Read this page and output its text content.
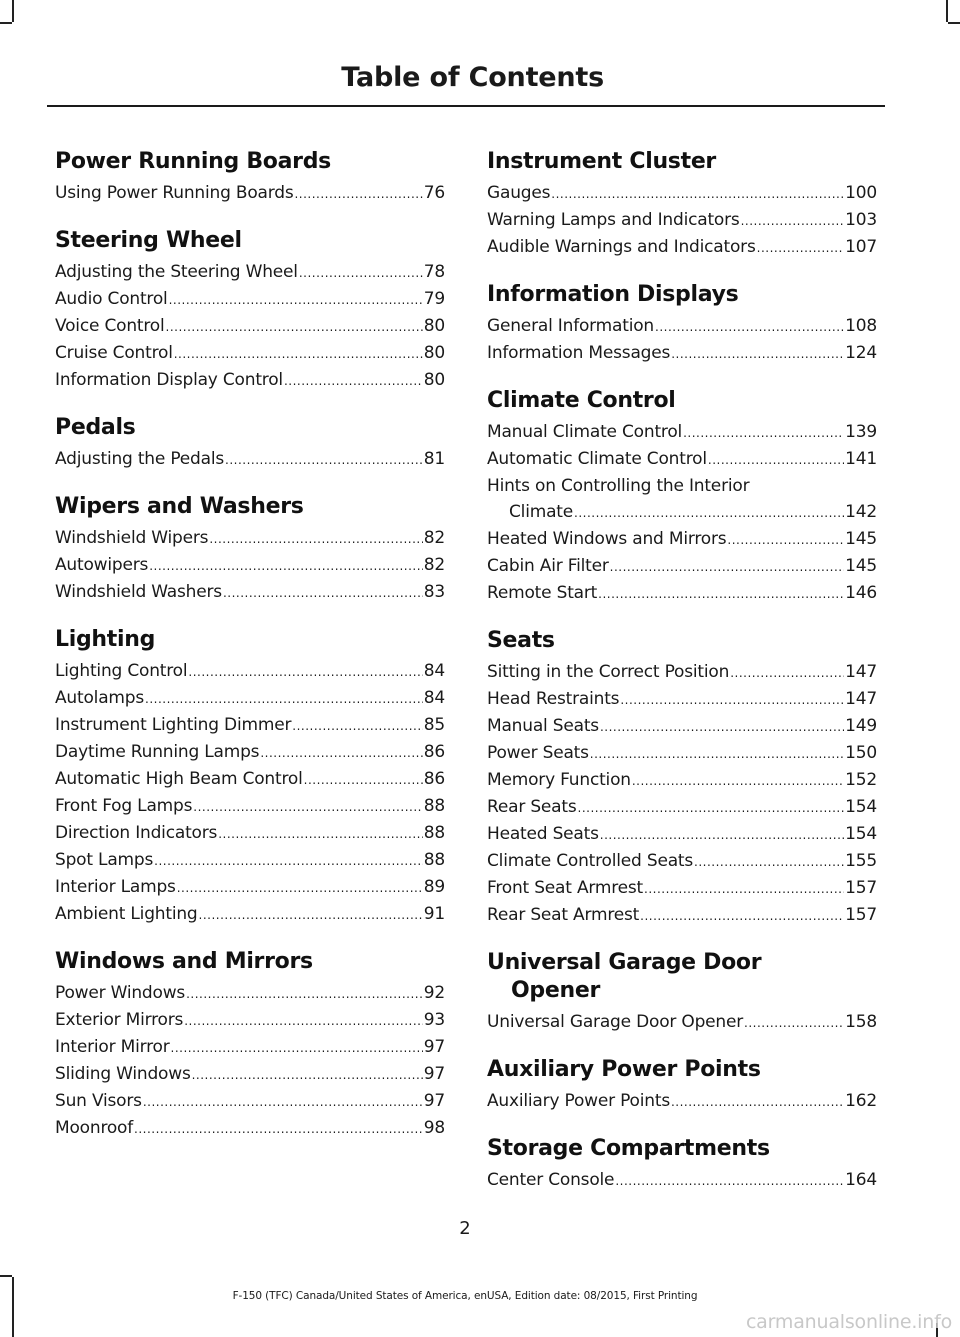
Table of Contents
Power Running Boards
Using Power Running Boards .....	76
Steering Wheel
Adjusting the Steering Wheel .....	78
Audio Control .....	79
Voice Control .....	80
Cruise Control .....	80
Information Display Control .....	80
Pedals
Adjusting the Pedals .....	81
Wipers and Washers
Windshield Wipers .....	82
Autowipers .....	82
Windshield Washers .....	83
Lighting
Lighting Control .....	84
Autolamps .....	84
Instrument Lighting Dimmer .....	85
Daytime Running Lamps .....	86
Automatic High Beam Control .....	86
Front Fog Lamps .....	88
Direction Indicators .....	88
Spot Lamps .....	88
Interior Lamps .....	89
Ambient Lighting .....	91
Windows and Mirrors
Power Windows .....	92
Exterior Mirrors .....	93
Interior Mirror .....	97
Sliding Windows .....	97
Sun Visors .....	97
Moonroof .....	98
Instrument Cluster
Gauges .....	100
Warning Lamps and Indicators .....	103
Audible Warnings and Indicators .....	107
Information Displays
General Information .....	108
Information Messages .....	124
Climate Control
Manual Climate Control .....	139
Automatic Climate Control .....	141
Hints on Controlling the Interior
Climate .....	142
Heated Windows and Mirrors .....	145
Cabin Air Filter .....	145
Remote Start .....	146
Seats
Sitting in the Correct Position .....	147
Head Restraints .....	147
Manual Seats .....	149
Power Seats .....	150
Memory Function .....	152
Rear Seats .....	154
Heated Seats .....	154
Climate Controlled Seats .....	155
Front Seat Armrest .....	157
Rear Seat Armrest .....	157
Universal Garage Door
Opener
Universal Garage Door Opener .....	158
Auxiliary Power Points
Auxiliary Power Points .....	162
Storage Compartments
Center Console .....	164
2
F-150 (TFC) Canada/United States of America, enUSA, Edition date: 08/2015, First Printing
carmanualsonline.info
